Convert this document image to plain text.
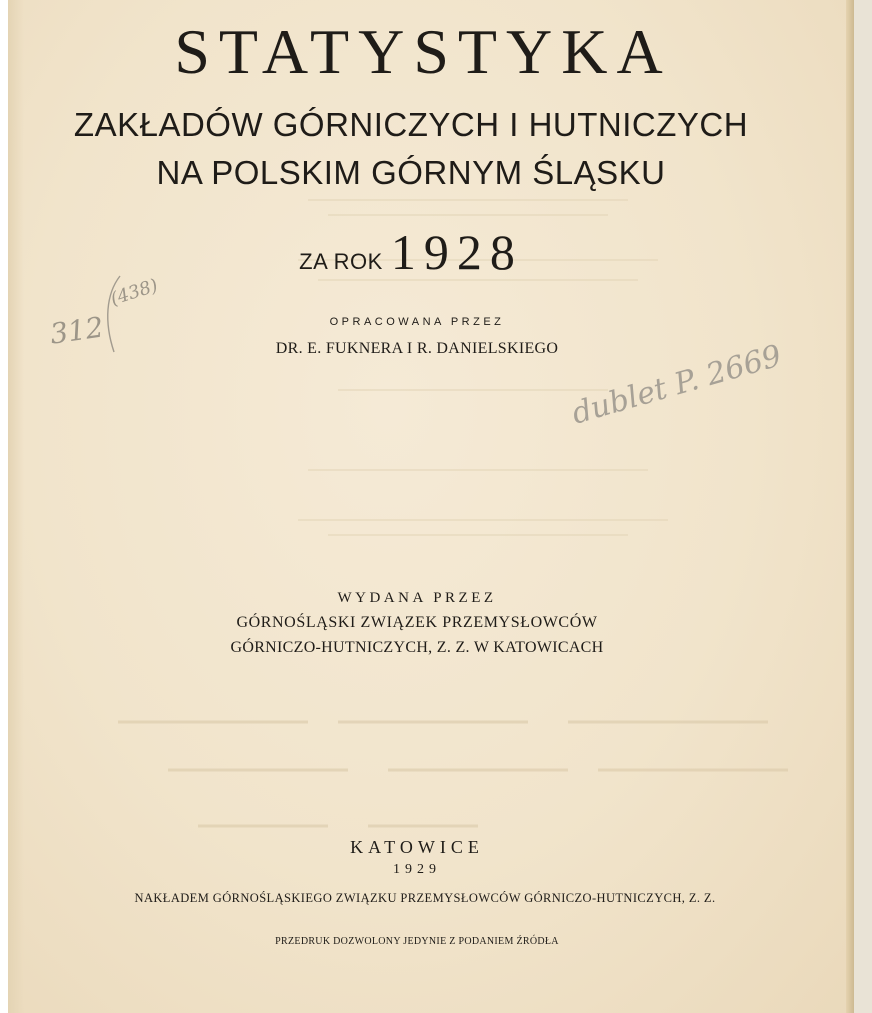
STATYSTYKA
ZAKŁADÓW GÓRNICZYCH I HUTNICZYCH
NA POLSKIM GÓRNYM ŚLĄSKU
ZA ROK 1928
OPRACOWANA PRZEZ
DR. E. FUKNERA I R. DANIELSKIEGO
WYDANA PRZEZ
GÓRNOŚLĄSKI ZWIĄZEK PRZEMYSŁOWCÓW
GÓRNICZO-HUTNICZYCH, Z. Z. W KATOWICACH
KATOWICE
1929
NAKŁADEM GÓRNOŚLĄSKIEGO ZWIĄZKU PRZEMYSŁOWCÓW GÓRNICZO-HUTNICZYCH, Z. Z.
PRZEDRUK DOZWOLONY JEDYNIE Z PODANIEM ŹRÓDŁA
312
(438)
dublet P. 2669
